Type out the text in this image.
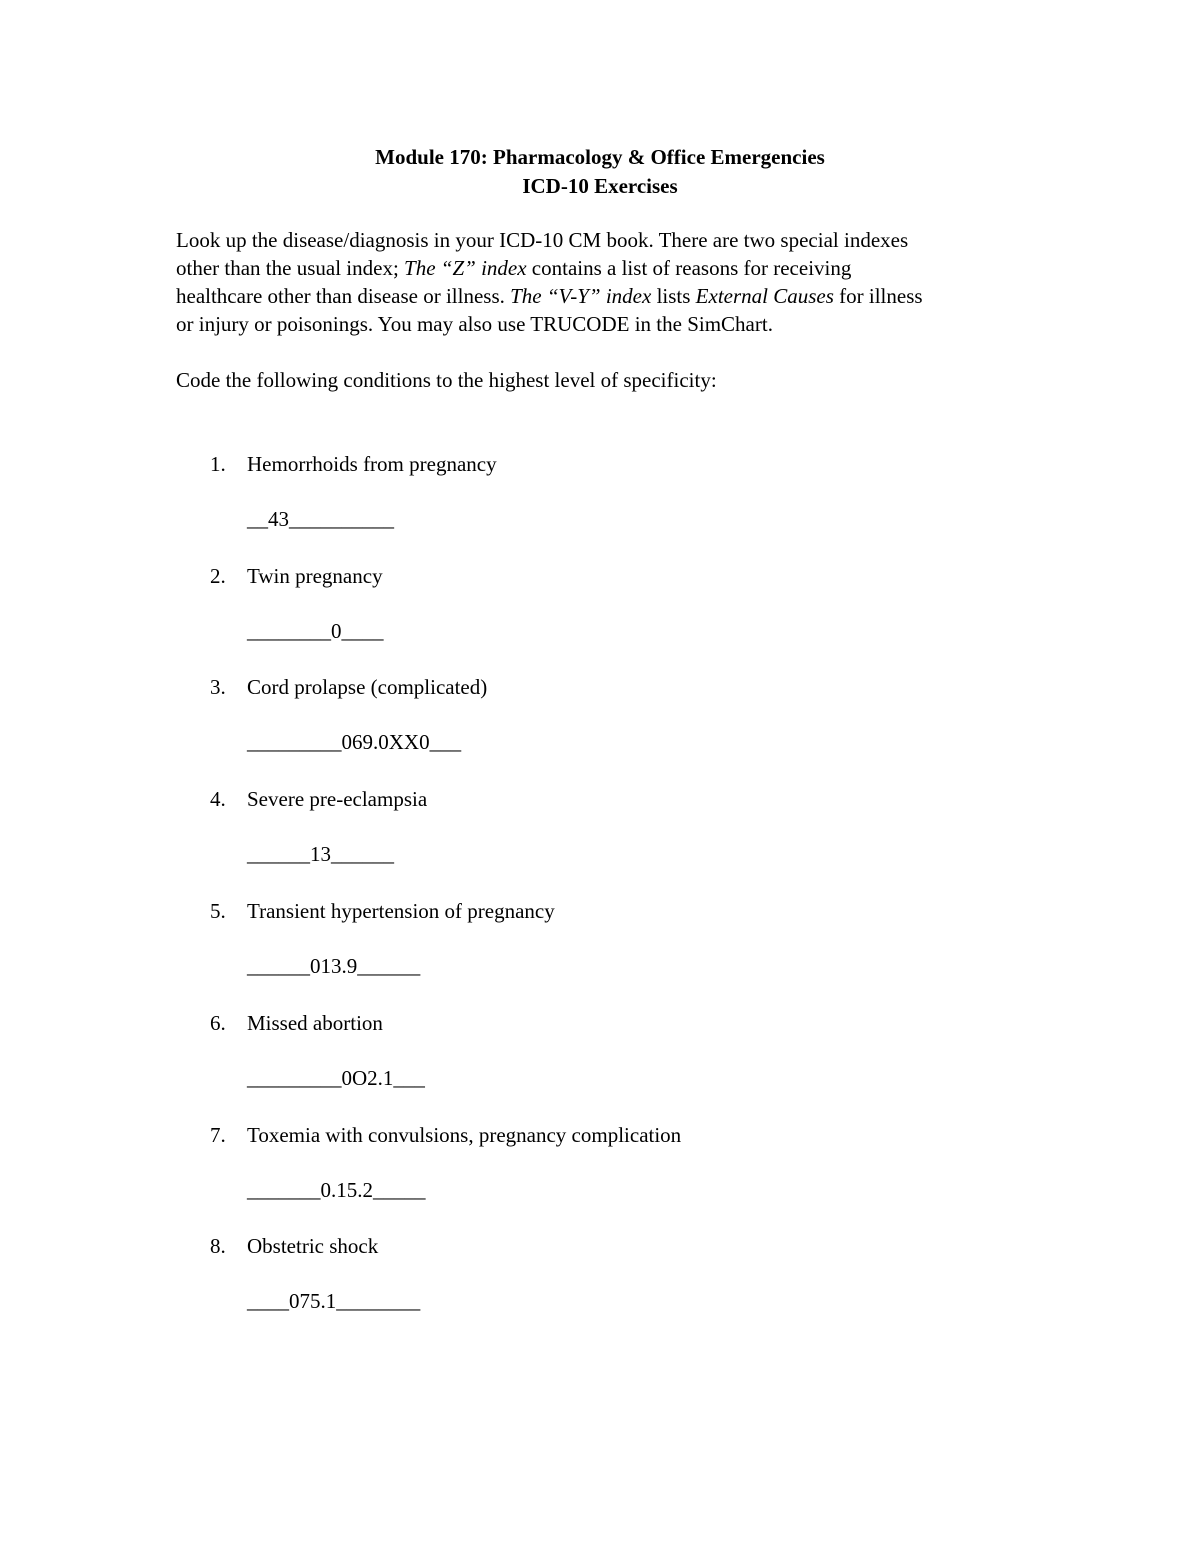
Module 170: Pharmacology & Office Emergencies
ICD-10 Exercises
Look up the disease/diagnosis in your ICD-10 CM book. There are two special indexes
other than the usual index; The “Z” index contains a list of reasons for receiving
healthcare other than disease or illness. The “V-Y” index lists External Causes for illness
or injury or poisonings. You may also use TRUCODE in the SimChart.
Code the following conditions to the highest level of specificity:
1. Hemorrhoids from pregnancy
__43__________
2. Twin pregnancy
________0____
3. Cord prolapse (complicated)
_________069.0XX0___
4. Severe pre-eclampsia
______13______
5. Transient hypertension of pregnancy
______013.9______
6. Missed abortion
_________0O2.1___
7. Toxemia with convulsions, pregnancy complication
_______0.15.2_____
8. Obstetric shock
____075.1________
